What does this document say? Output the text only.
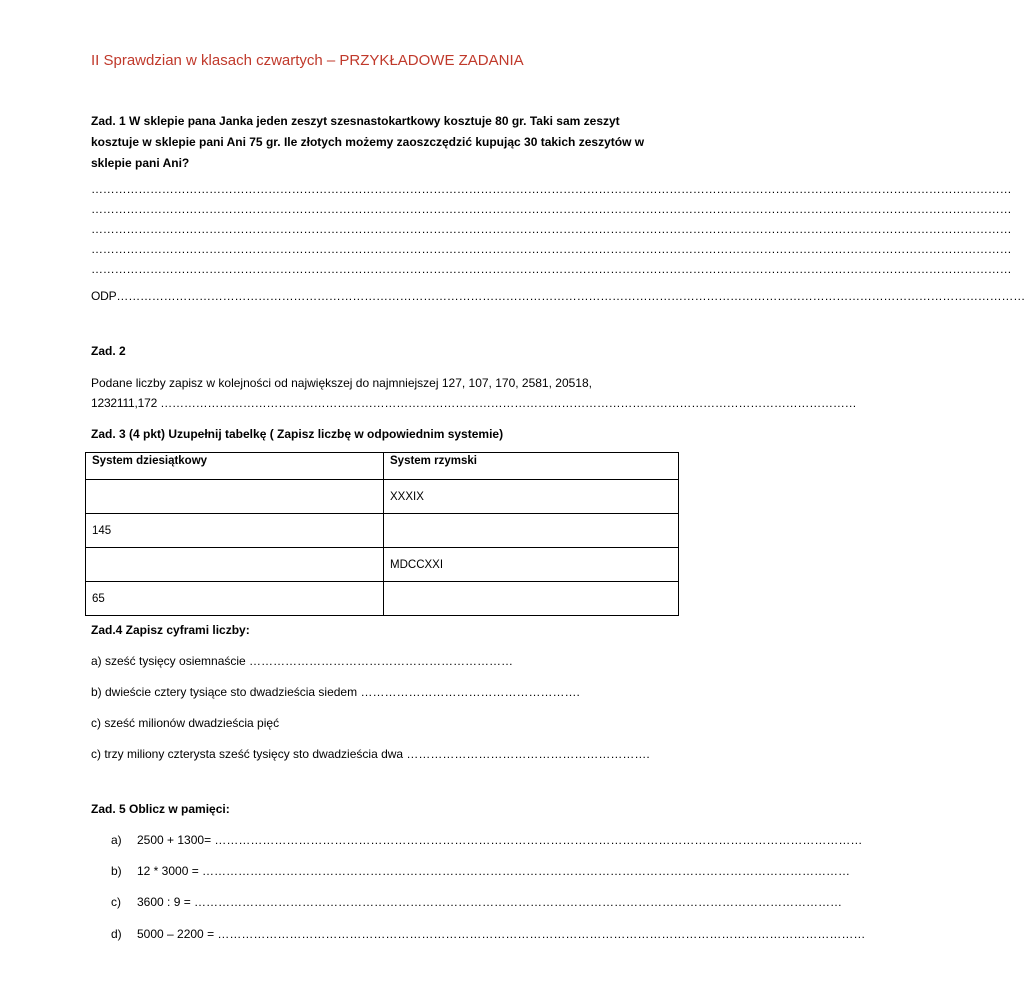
II Sprawdzian w klasach czwartych – PRZYKŁADOWE ZADANIA
Zad. 1 W sklepie pana Janka jeden zeszyt szesnastokartkowy kosztuje 80 gr. Taki sam zeszyt
kosztuje w sklepie pani Ani 75 gr. Ile złotych możemy zaoszczędzić kupując 30 takich zeszytów w
sklepie pani Ani?
………………………………………………………………………………………………………………………………………………………………………………………………………………
………………………………………………………………………………………………………………………………………………………………………………………………………………
………………………………………………………………………………………………………………………………………………………………………………………………………………
………………………………………………………………………………………………………………………………………………………………………………………………………………
………………………………………………………………………………………………………………………………………………………………………………………………………………
ODP……………………………………………………………………………………………………………………………………………………………………………………………………………
Zad. 2
Podane liczby zapisz w kolejności od największej do najmniejszej 127, 107, 170, 2581, 20518,
1232111,172 ……………………………………………………………………………………………………………………………………………………………
Zad. 3 (4 pkt) Uzupełnij tabelkę ( Zapisz liczbę w odpowiednim systemie)
System dziesiątkowy	System rzymski
	XXXIX
145	
	MDCCXXI
65	
Zad.4 Zapisz cyframi liczby:
a) sześć tysięcy osiemnaście …………………………………………………………
b) dwieście cztery tysiące sto dwadzieścia siedem ……………………………………………….
c) sześć milionów dwadzieścia pięć
c) trzy miliony czterysta sześć tysięcy sto dwadzieścia dwa …………………………………………………….
Zad. 5 Oblicz w pamięci:
a) 2500 + 1300= ………………………………………………………………………………………………………………………………………………
b) 12 * 3000 = ………………………………………………………………………………………………………………………………………………
c) 3600 : 9 = ………………………………………………………………………………………………………………………………………………
d) 5000 – 2200 = ………………………………………………………………………………………………………………………………………………
